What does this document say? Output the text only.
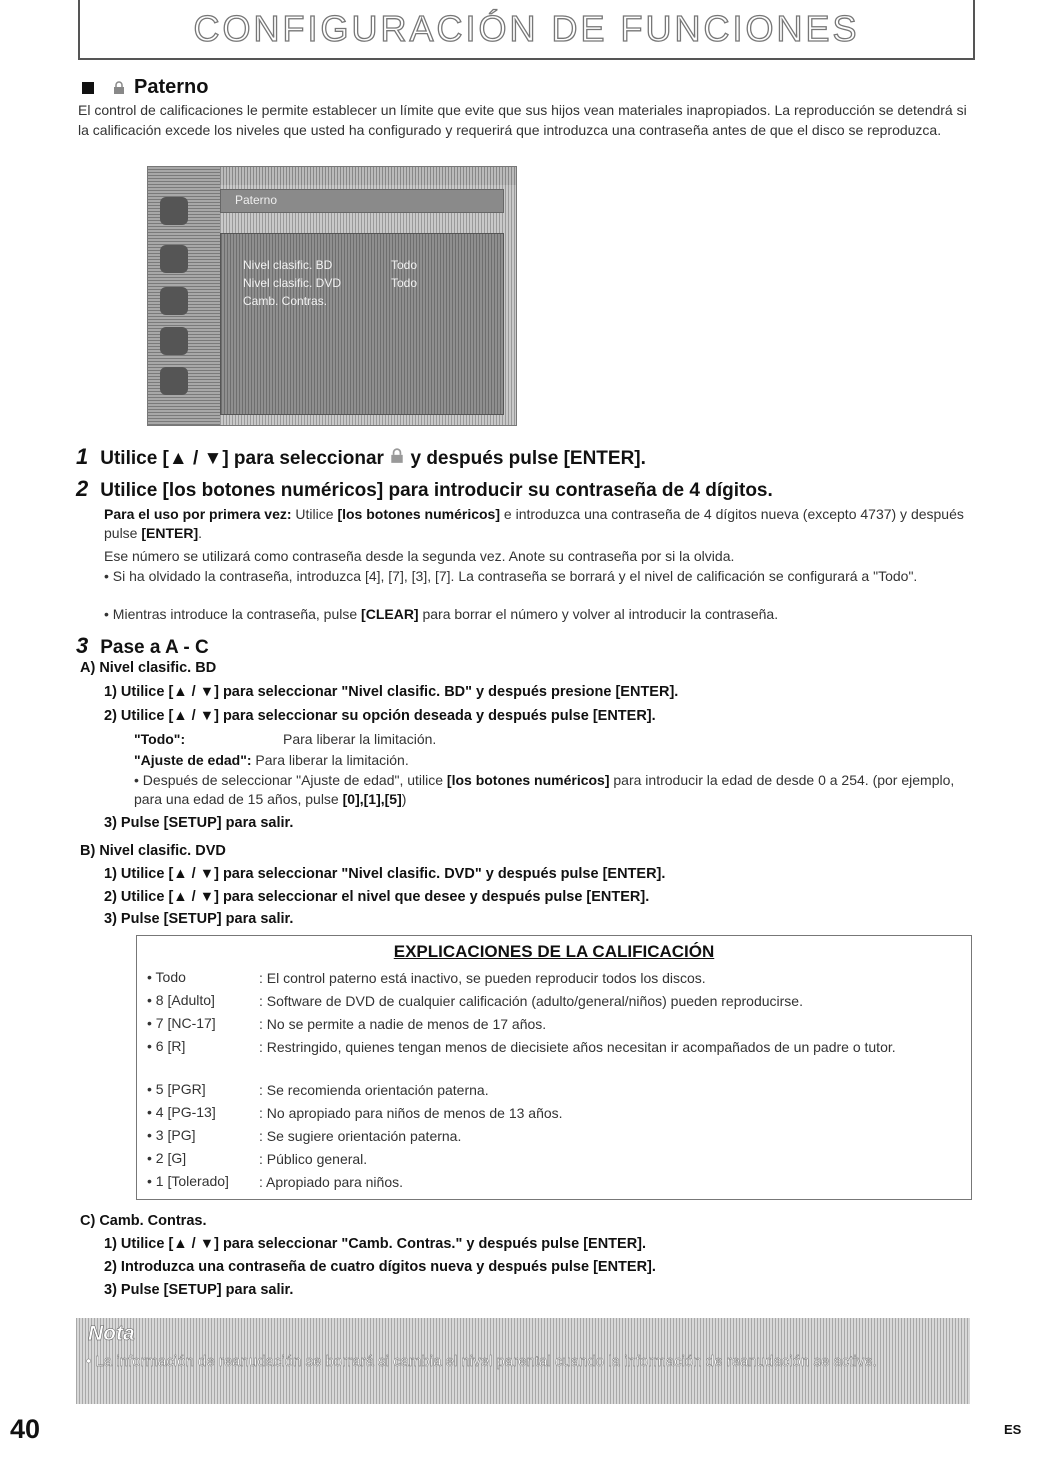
CONFIGURACIÓN DE FUNCIONES
Paterno
El control de calificaciones le permite establecer un límite que evite que sus hijos vean materiales inapropiados. La reproducción se detendrá si la calificación excede los niveles que usted ha configurado y requerirá que introduzca una contraseña antes de que el disco se reproduzca.
Paterno
Nivel clasific. BD	Todo
Nivel clasific. DVD	Todo
Camb. Contras.
1 Utilice [▲ / ▼] para seleccionar y después pulse [ENTER].
2 Utilice [los botones numéricos] para introducir su contraseña de 4 dígitos.
Para el uso por primera vez: Utilice [los botones numéricos] e introduzca una contraseña de 4 dígitos nueva (excepto 4737) y después pulse [ENTER].
Ese número se utilizará como contraseña desde la segunda vez. Anote su contraseña por si la olvida.
• Si ha olvidado la contraseña, introduzca [4], [7], [3], [7]. La contraseña se borrará y el nivel de calificación se configurará a "Todo".
• Mientras introduce la contraseña, pulse [CLEAR] para borrar el número y volver al introducir la contraseña.
3 Pase a A - C
A) Nivel clasific. BD
1) Utilice [▲ / ▼] para seleccionar "Nivel clasific. BD" y después presione [ENTER].
2) Utilice [▲ / ▼] para seleccionar su opción deseada y después pulse [ENTER].
"Todo":	Para liberar la limitación.
"Ajuste de edad": Para liberar la limitación.
• Después de seleccionar "Ajuste de edad", utilice [los botones numéricos] para introducir la edad de desde 0 a 254. (por ejemplo, para una edad de 15 años, pulse [0],[1],[5])
3) Pulse [SETUP] para salir.
B) Nivel clasific. DVD
1) Utilice [▲ / ▼] para seleccionar "Nivel clasific. DVD" y después pulse [ENTER].
2) Utilice [▲ / ▼] para seleccionar el nivel que desee y después pulse [ENTER].
3) Pulse [SETUP] para salir.
EXPLICACIONES DE LA CALIFICACIÓN
• Todo	: El control paterno está inactivo, se pueden reproducir todos los discos.
• 8 [Adulto]	: Software de DVD de cualquier calificación (adulto/general/niños) pueden reproducirse.
• 7 [NC-17]	: No se permite a nadie de menos de 17 años.
• 6 [R]	: Restringido, quienes tengan menos de diecisiete años necesitan ir acompañados de un padre o tutor.
• 5 [PGR]	: Se recomienda orientación paterna.
• 4 [PG-13]	: No apropiado para niños de menos de 13 años.
• 3 [PG]	: Se sugiere orientación paterna.
• 2 [G]	: Público general.
• 1 [Tolerado] : Apropiado para niños.
C) Camb. Contras.
1) Utilice [▲ / ▼] para seleccionar "Camb. Contras." y después pulse [ENTER].
2) Introduzca una contraseña de cuatro dígitos nueva y después pulse [ENTER].
3) Pulse [SETUP] para salir.
Nota
• La información de reanudación se borrará si cambia el nivel parental cuando la información de reanudación se active.
40	ES
